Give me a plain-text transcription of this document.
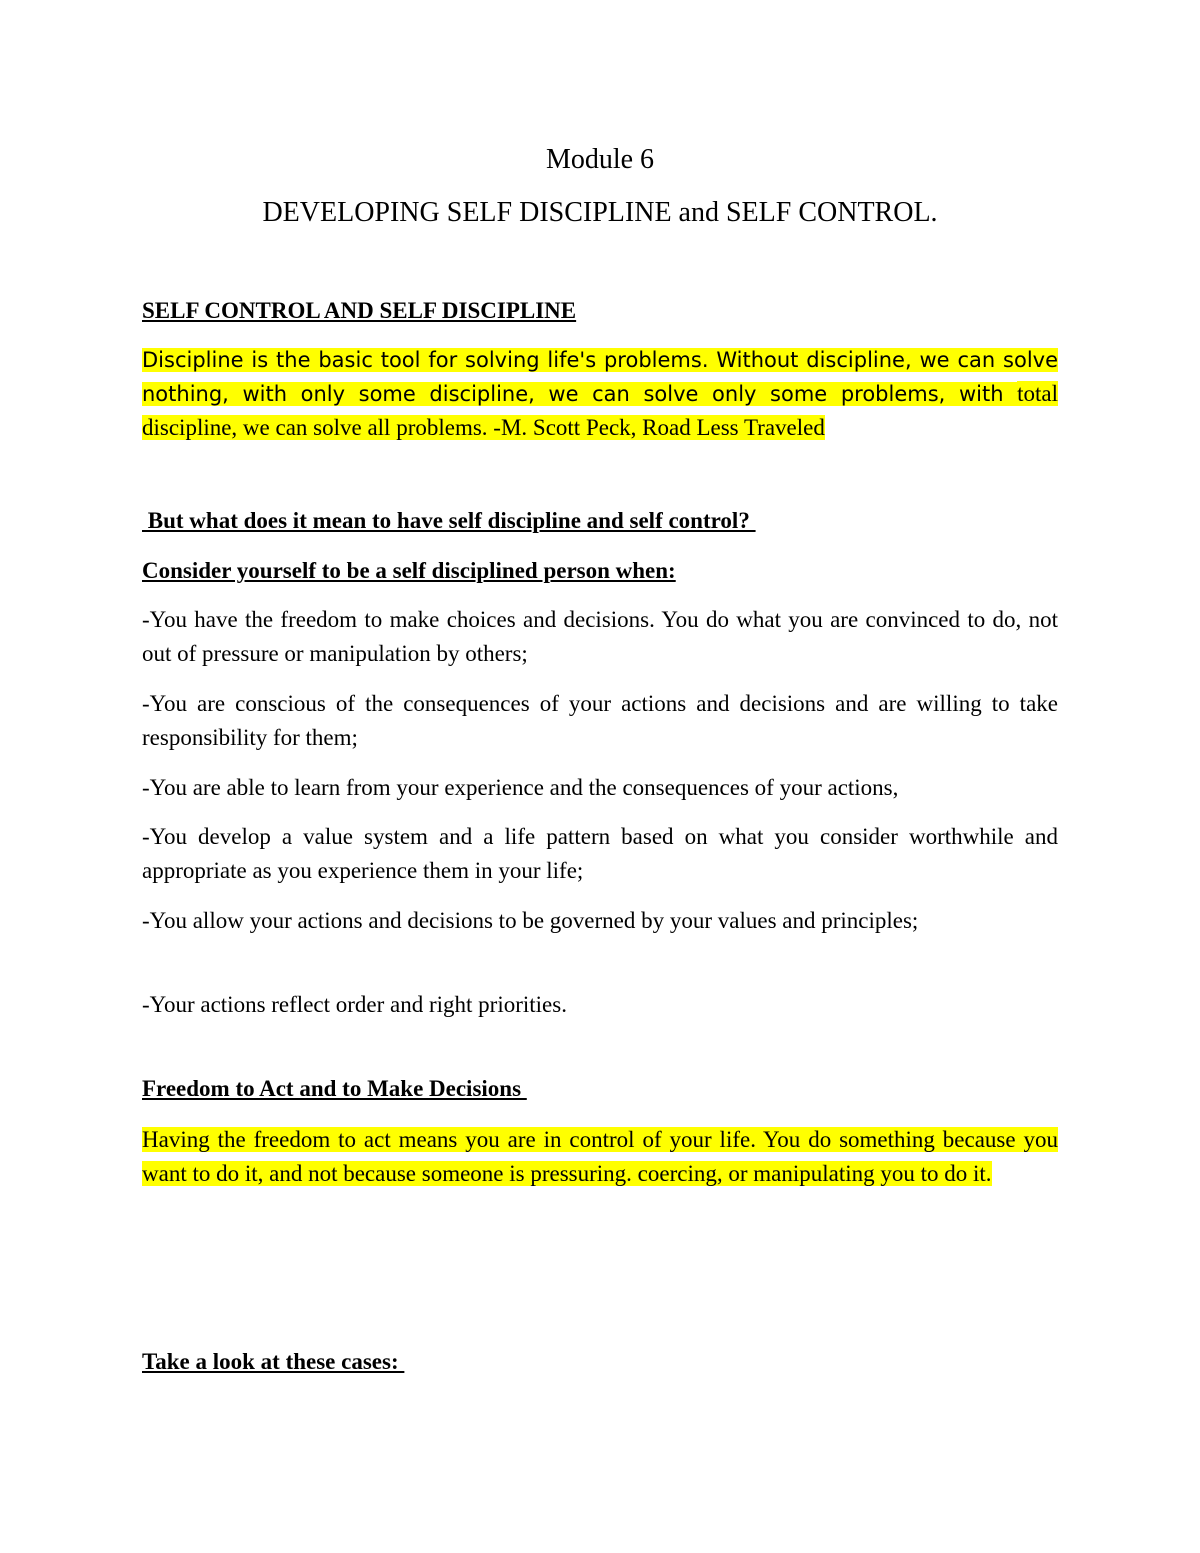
Module 6
DEVELOPING SELF DISCIPLINE and SELF CONTROL.
SELF CONTROL AND SELF DISCIPLINE
Discipline is the basic tool for solving life's problems. Without discipline, we can solve nothing, with only some discipline, we can solve only some problems, with total discipline, we can solve all problems. -M. Scott Peck, Road Less Traveled
But what does it mean to have self discipline and self control?
Consider yourself to be a self disciplined person when:
-You have the freedom to make choices and decisions. You do what you are convinced to do, not out of pressure or manipulation by others;
-You are conscious of the consequences of your actions and decisions and are willing to take responsibility for them;
-You are able to learn from your experience and the consequences of your actions,
-You develop a value system and a life pattern based on what you consider worthwhile and appropriate as you experience them in your life;
-You allow your actions and decisions to be governed by your values and principles;
-Your actions reflect order and right priorities.
Freedom to Act and to Make Decisions
Having the freedom to act means you are in control of your life. You do something because you want to do it, and not because someone is pressuring. coercing, or manipulating you to do it.
Take a look at these cases:
